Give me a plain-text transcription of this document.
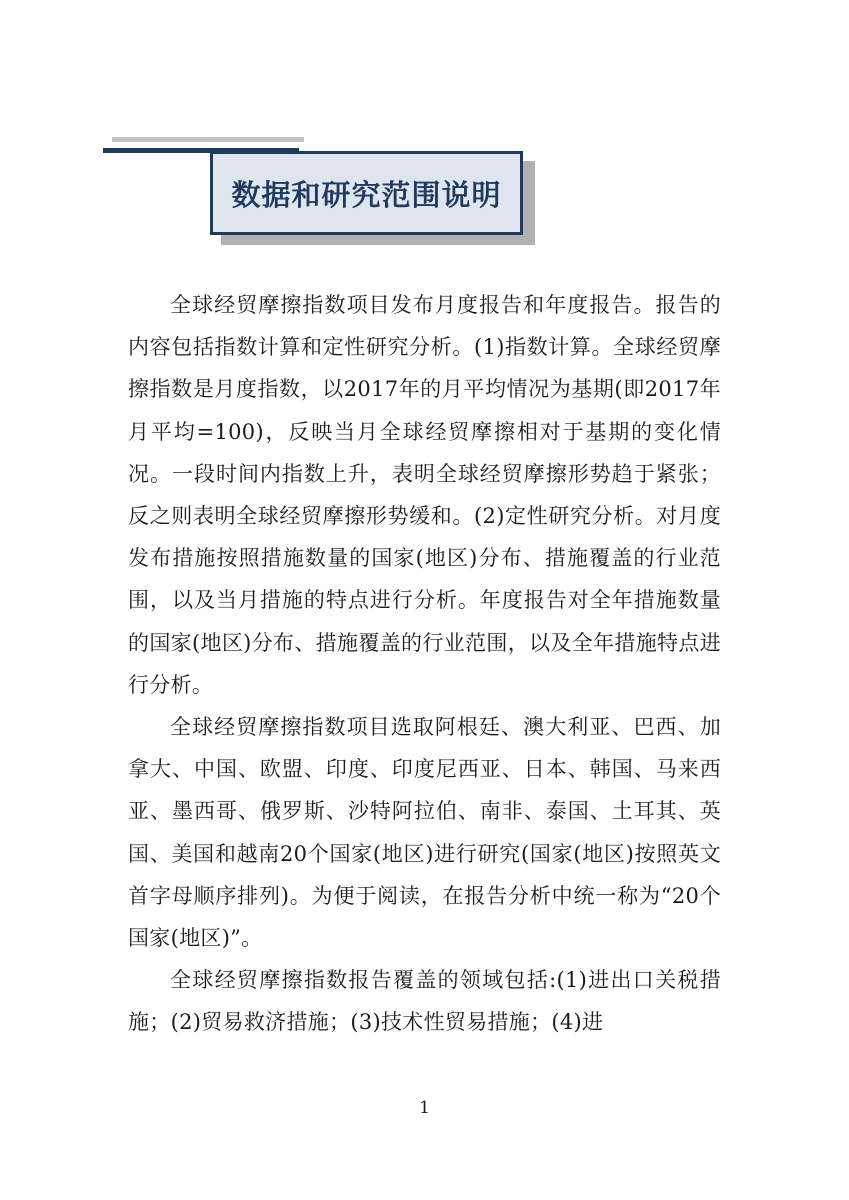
数据和研究范围说明

全球经贸摩擦指数项目发布月度报告和年度报告。报告的内容包括指数计算和定性研究分析。(1)指数计算。全球经贸摩擦指数是月度指数，以2017年的月平均情况为基期(即2017年月平均=100)，反映当月全球经贸摩擦相对于基期的变化情况。一段时间内指数上升，表明全球经贸摩擦形势趋于紧张；反之则表明全球经贸摩擦形势缓和。(2)定性研究分析。对月度发布措施按照措施数量的国家(地区)分布、措施覆盖的行业范围，以及当月措施的特点进行分析。年度报告对全年措施数量的国家(地区)分布、措施覆盖的行业范围，以及全年措施特点进行分析。

全球经贸摩擦指数项目选取阿根廷、澳大利亚、巴西、加拿大、中国、欧盟、印度、印度尼西亚、日本、韩国、马来西亚、墨西哥、俄罗斯、沙特阿拉伯、南非、泰国、土耳其、英国、美国和越南20个国家(地区)进行研究(国家(地区)按照英文首字母顺序排列)。为便于阅读，在报告分析中统一称为“20个国家(地区)”。

全球经贸摩擦指数报告覆盖的领域包括:(1)进出口关税措施；(2)贸易救济措施；(3)技术性贸易措施；(4)进

1
